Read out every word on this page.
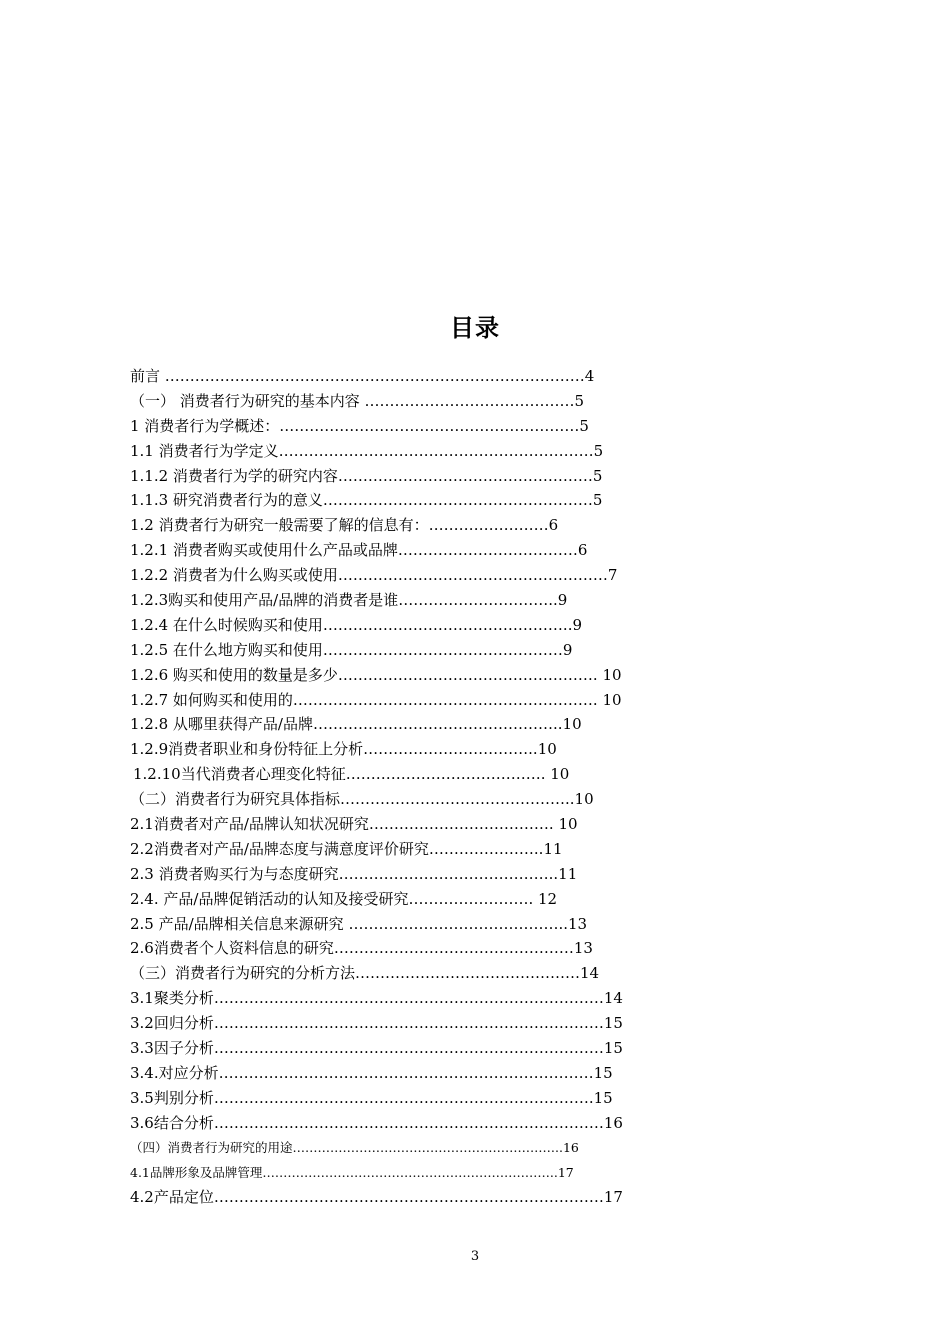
目录
前言 …………………………………………………………………………4
（一） 消费者行为研究的基本内容 ……………………………………5
1 消费者行为学概述：……………………………………………………5
1.1 消费者行为学定义………………………………………………………5
1.1.2 消费者行为学的研究内容……………………………………………5
1.1.3 研究消费者行为的意义………………………………………………5
1.2 消费者行为研究一般需要了解的信息有：……………………6
1.2.1 消费者购买或使用什么产品或品牌………………………………6
1.2.2 消费者为什么购买或使用………………………………………………7
1.2.3购买和使用产品/品牌的消费者是谁…………………………..9
1.2.4 在什么时候购买和使用…………………………………………..9
1.2.5 在什么地方购买和使用…………………………………………9
1.2.6 购买和使用的数量是多少……………………………………………. 10
1.2.7 如何购买和使用的……………………………………………………. 10
1.2.8 从哪里获得产品/品牌…………………………………………..10
1.2.9消费者职业和身份特征上分析……………………………..10
1.2.10当代消费者心理变化特征…………………………………. 10
（二）消费者行为研究具体指标………………………………………..10
2.1消费者对产品/品牌认知状况研究………………………………. 10
2.2消费者对产品/品牌态度与满意度评价研究…………………..11
2.3 消费者购买行为与态度研究……………………………………..11
2.4. 产品/品牌促销活动的认知及接受研究……………………. 12
2.5 产品/品牌相关信息来源研究 ……………………………………..13
2.6消费者个人资料信息的研究…………………………………………13
（三）消费者行为研究的分析方法………………………………………14
3.1聚类分析……………………………………………………………………14
3.2回归分析……………………………………………………………………15
3.3因子分析……………………………………………………………………15
3.4.对应分析…………………………………………………………………15
3.5判别分析………………………………………………………………….15
3.6结合分析……………………………………………………………………16
（四）消费者行为研究的用途………………………………………………………..16
4.1品牌形象及品牌管理……………………………………………………………..17
4.2产品定位……………………………………………………………………17
3
